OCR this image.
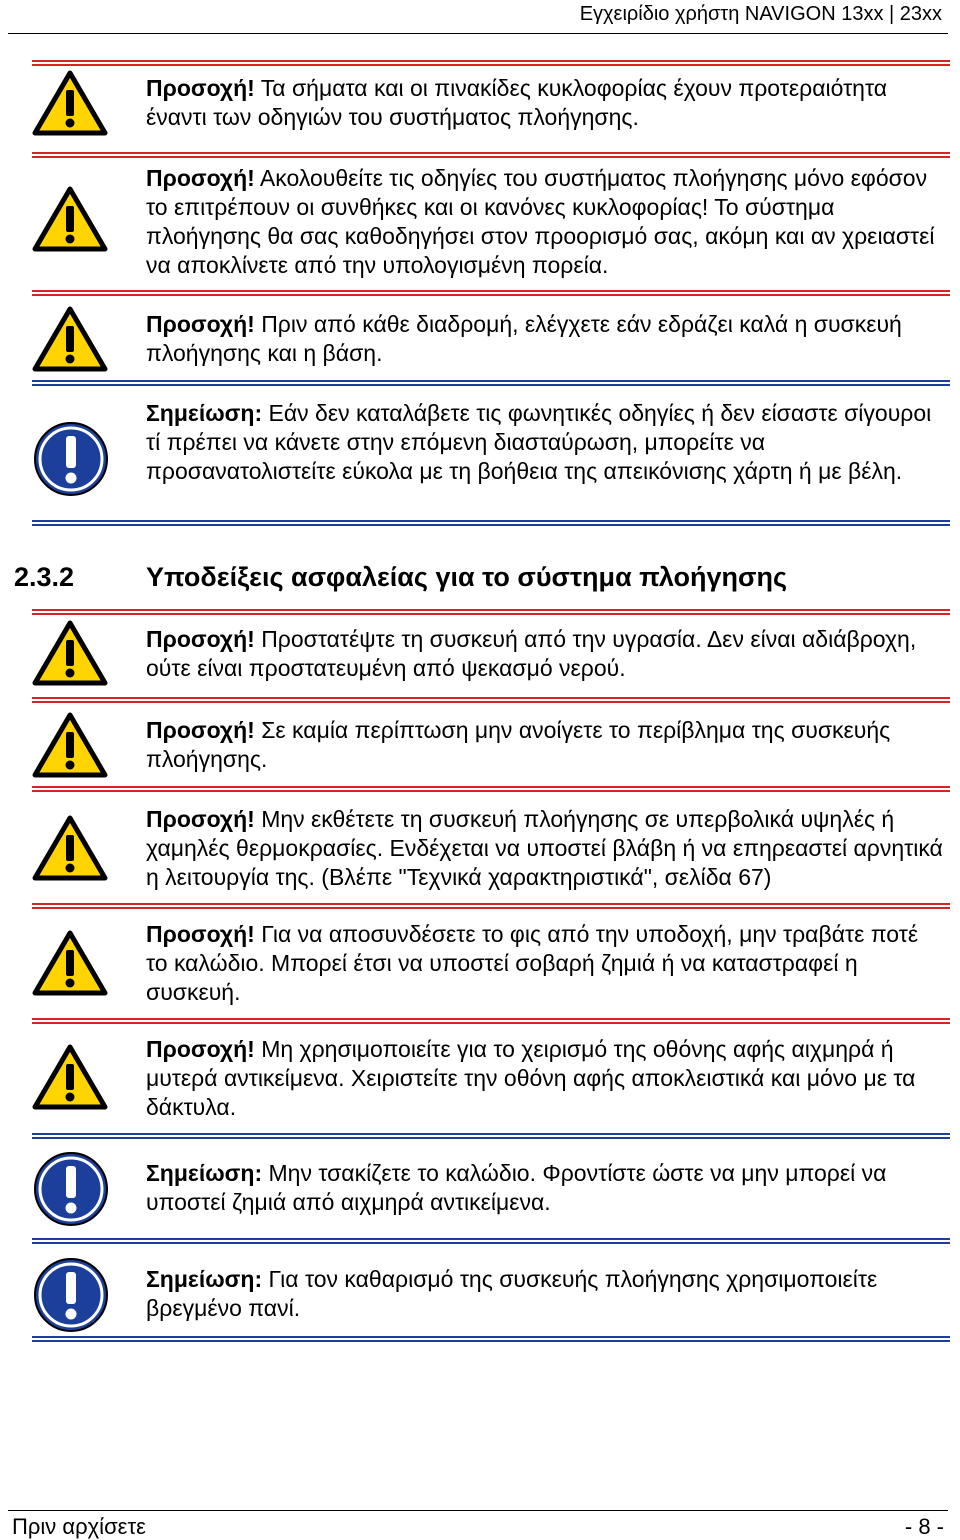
Εγχειρίδιο χρήστη NAVIGON 13xx | 23xx
Προσοχή! Τα σήματα και οι πινακίδες κυκλοφορίας έχουν προτεραιότητα έναντι των οδηγιών του συστήματος πλοήγησης.
Προσοχή! Ακολουθείτε τις οδηγίες του συστήματος πλοήγησης μόνο εφόσον το επιτρέπουν οι συνθήκες και οι κανόνες κυκλοφορίας! Το σύστημα πλοήγησης θα σας καθοδηγήσει στον προορισμό σας, ακόμη και αν χρειαστεί να αποκλίνετε από την υπολογισμένη πορεία.
Προσοχή! Πριν από κάθε διαδρομή, ελέγχετε εάν εδράζει καλά η συσκευή πλοήγησης και η βάση.
Σημείωση: Εάν δεν καταλάβετε τις φωνητικές οδηγίες ή δεν είσαστε σίγουροι τί πρέπει να κάνετε στην επόμενη διασταύρωση, μπορείτε να προσανατολιστείτε εύκολα με τη βοήθεια της απεικόνισης χάρτη ή με βέλη.
2.3.2	Υποδείξεις ασφαλείας για το σύστημα πλοήγησης
Προσοχή! Προστατέψτε τη συσκευή από την υγρασία. Δεν είναι αδιάβροχη, ούτε είναι προστατευμένη από ψεκασμό νερού.
Προσοχή! Σε καμία περίπτωση μην ανοίγετε το περίβλημα της συσκευής πλοήγησης.
Προσοχή! Μην εκθέτετε τη συσκευή πλοήγησης σε υπερβολικά υψηλές ή χαμηλές θερμοκρασίες. Ενδέχεται να υποστεί βλάβη ή να επηρεαστεί αρνητικά η λειτουργία της. (Βλέπε "Τεχνικά χαρακτηριστικά", σελίδα 67)
Προσοχή! Για να αποσυνδέσετε το φις από την υποδοχή, μην τραβάτε ποτέ το καλώδιο. Μπορεί έτσι να υποστεί σοβαρή ζημιά ή να καταστραφεί η συσκευή.
Προσοχή! Μη χρησιμοποιείτε για το χειρισμό της οθόνης αφής αιχμηρά ή μυτερά αντικείμενα. Χειριστείτε την οθόνη αφής αποκλειστικά και μόνο με τα δάκτυλα.
Σημείωση: Μην τσακίζετε το καλώδιο. Φροντίστε ώστε να μην μπορεί να υποστεί ζημιά από αιχμηρά αντικείμενα.
Σημείωση: Για τον καθαρισμό της συσκευής πλοήγησης χρησιμοποιείτε βρεγμένο πανί.
Πριν αρχίσετε	- 8 -
